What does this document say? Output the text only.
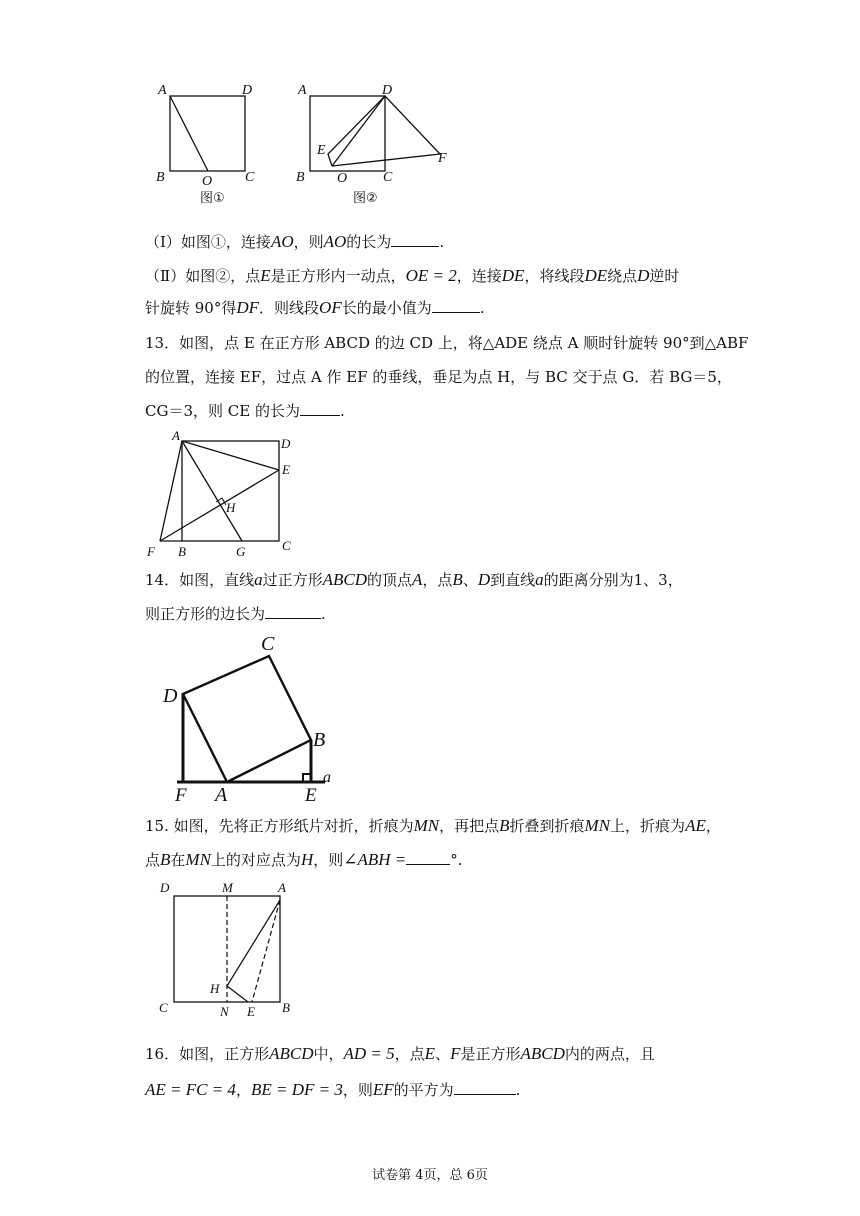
A	D
B	C
O
图①
A	D
E
F
B O	C
图②
（Ⅰ）如图①，连接AO，则AO的长为	.
（Ⅱ）如图②，点E是正方形内一动点，OE = 2，连接DE，将线段DE绕点D逆时
针旋转 90°得DF．则线段OF长的最小值为	.
13．如图，点 E 在正方形 ABCD 的边 CD 上，将△ADE 绕点 A 顺时针旋转 90°到△ABF
的位置，连接 EF，过点 A 作 EF 的垂线，垂足为点 H，与 BC 交于点 G．若 BG＝5，
CG＝3，则 CE 的长为	.
A
D
E
H
F B	G	C
14．如图，直线a过正方形ABCD的顶点A，点B、D到直线a的距离分别为1、3，
则正方形的边长为	.
C
D
B
a
F A	E
15. 如图，先将正方形纸片对折，折痕为MN，再把点B折叠到折痕MN上，折痕为AE，
点B在MN上的对应点为H，则∠ABH =	°.
D	M	A
H
C	B
N E
16．如图，正方形ABCD中，AD = 5，点E、F是正方形ABCD内的两点，且
AE = FC = 4，BE = DF = 3，则EF的平方为	.
试卷第 4页，总 6页
